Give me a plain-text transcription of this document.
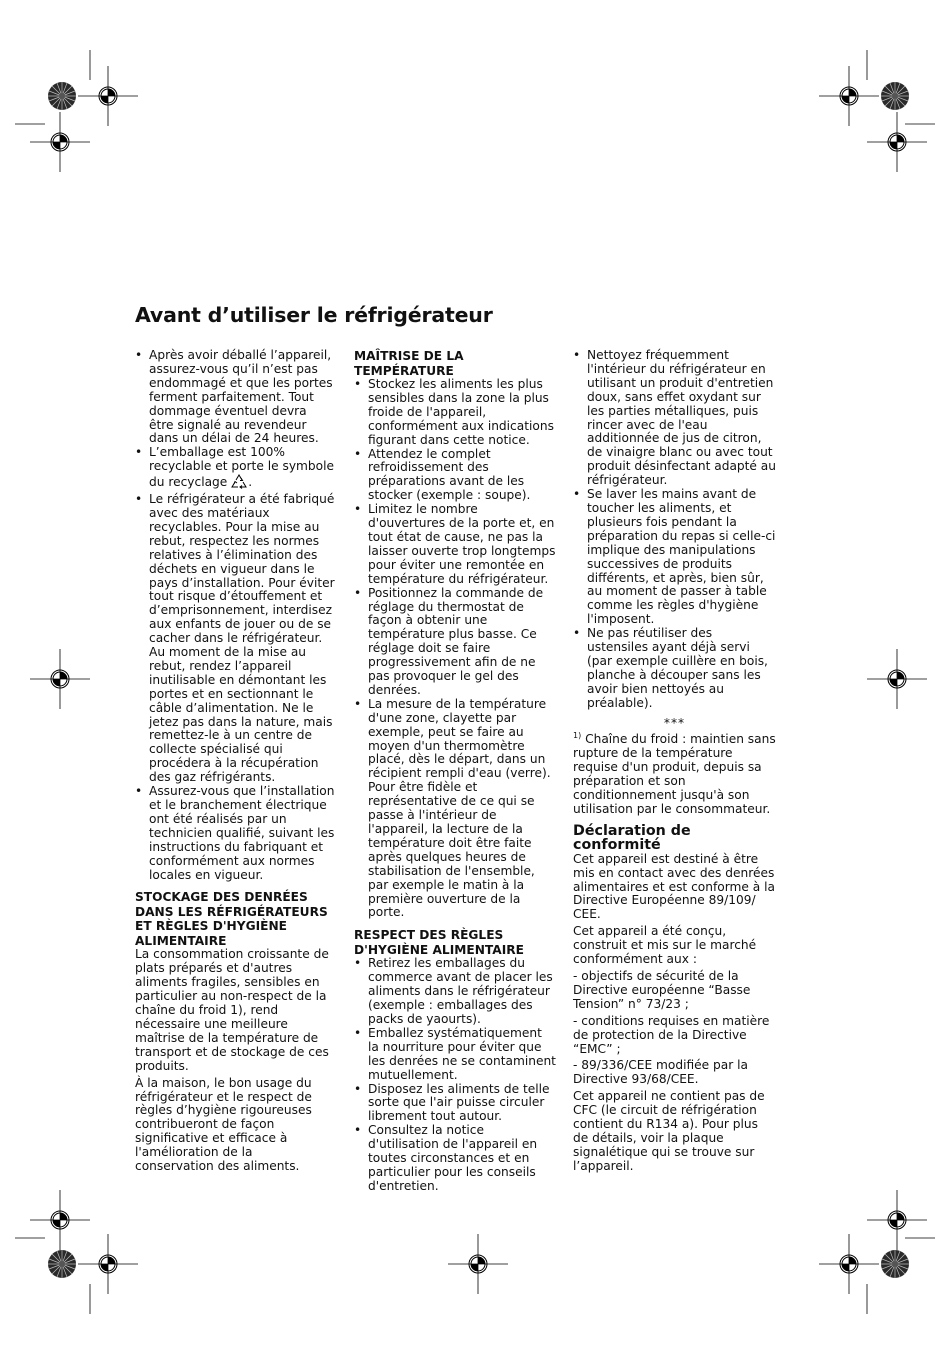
Avant d’utiliser le réfrigérateur
• Après avoir déballé l’appareil, assurez-vous qu’il n’est pas endommagé et que les portes ferment parfaitement. Tout dommage éventuel devra être signalé au revendeur dans un délai de 24 heures.
• L’emballage est 100% recyclable et porte le symbole du recyclage .
• Le réfrigérateur a été fabriqué avec des matériaux recyclables. Pour la mise au rebut, respectez les normes relatives à l’élimination des déchets en vigueur dans le pays d’installation. Pour éviter tout risque d’étouffement et d’emprisonnement, interdisez aux enfants de jouer ou de se cacher dans le réfrigérateur. Au moment de la mise au rebut, rendez l’appareil inutilisable en démontant les portes et en sectionnant le câble d’alimentation. Ne le jetez pas dans la nature, mais remettez-le à un centre de collecte spécialisé qui procédera à la récupération des gaz réfrigérants.
• Assurez-vous que l’installation et le branchement électrique ont été réalisés par un technicien qualifié, suivant les instructions du fabriquant et conformément aux normes locales en vigueur.
STOCKAGE DES DENRÉES DANS LES RÉFRIGÉRATEURS ET RÈGLES D'HYGIÈNE ALIMENTAIRE

La consommation croissante de plats préparés et d'autres aliments fragiles, sensibles en particulier au non-respect de la chaîne du froid 1), rend nécessaire une meilleure maîtrise de la température de transport et de stockage de ces produits.

À la maison, le bon usage du réfrigérateur et le respect de règles d’hygiène rigoureuses contribueront de façon significative et efficace à l'amélioration de la conservation des aliments.

MAÎTRISE DE LA TEMPÉRATURE
• Stockez les aliments les plus sensibles dans la zone la plus froide de l'appareil, conformément aux indications figurant dans cette notice.
• Attendez le complet refroidissement des préparations avant de les stocker (exemple : soupe).
• Limitez le nombre d'ouvertures de la porte et, en tout état de cause, ne pas la laisser ouverte trop longtemps pour éviter une remontée en température du réfrigérateur.
• Positionnez la commande de réglage du thermostat de façon à obtenir une température plus basse. Ce réglage doit se faire progressivement afin de ne pas provoquer le gel des denrées.
• La mesure de la température d'une zone, clayette par exemple, peut se faire au moyen d'un thermomètre placé, dès le départ, dans un récipient rempli d'eau (verre). Pour être fidèle et représentative de ce qui se passe à l'intérieur de l'appareil, la lecture de la température doit être faite après quelques heures de stabilisation de l'ensemble, par exemple le matin à la première ouverture de la porte.
RESPECT DES RÈGLES D'HYGIÈNE ALIMENTAIRE
• Retirez les emballages du commerce avant de placer les aliments dans le réfrigérateur (exemple : emballages des packs de yaourts).
• Emballez systématiquement la nourriture pour éviter que les denrées ne se contaminent mutuellement.
• Disposez les aliments de telle sorte que l'air puisse circuler librement tout autour.
• Consultez la notice d'utilisation de l'appareil en toutes circonstances et en particulier pour les conseils d'entretien.
• Nettoyez fréquemment l'intérieur du réfrigérateur en utilisant un produit d'entretien doux, sans effet oxydant sur les parties métalliques, puis rincer avec de l'eau additionnée de jus de citron, de vinaigre blanc ou avec tout produit désinfectant adapté au réfrigérateur.
• Se laver les mains avant de toucher les aliments, et plusieurs fois pendant la préparation du repas si celle-ci implique des manipulations successives de produits différents, et après, bien sûr, au moment de passer à table comme les règles d'hygiène l'imposent.
• Ne pas réutiliser des ustensiles ayant déjà servi (par exemple cuillère en bois, planche à découper sans les avoir bien nettoyés au préalable).
***

$^{1)}$ Chaîne du froid : maintien sans rupture de la température requise d'un produit, depuis sa préparation et son conditionnement jusqu'à son utilisation par le consommateur.

Déclaration de conformité

Cet appareil est destiné à être mis en contact avec des denrées alimentaires et est conforme à la Directive Européenne 89/109/ CEE.

Cet appareil a été conçu, construit et mis sur le marché conformément aux :

- objectifs de sécurité de la Directive européenne “Basse Tension” n° 73/23 ;

- conditions requises en matière de protection de la Directive “EMC” ;

- 89/336/CEE modifiée par la Directive 93/68/CEE.

Cet appareil ne contient pas de CFC (le circuit de réfrigération contient du R134 a). Pour plus de détails, voir la plaque signalétique qui se trouve sur l’appareil.
